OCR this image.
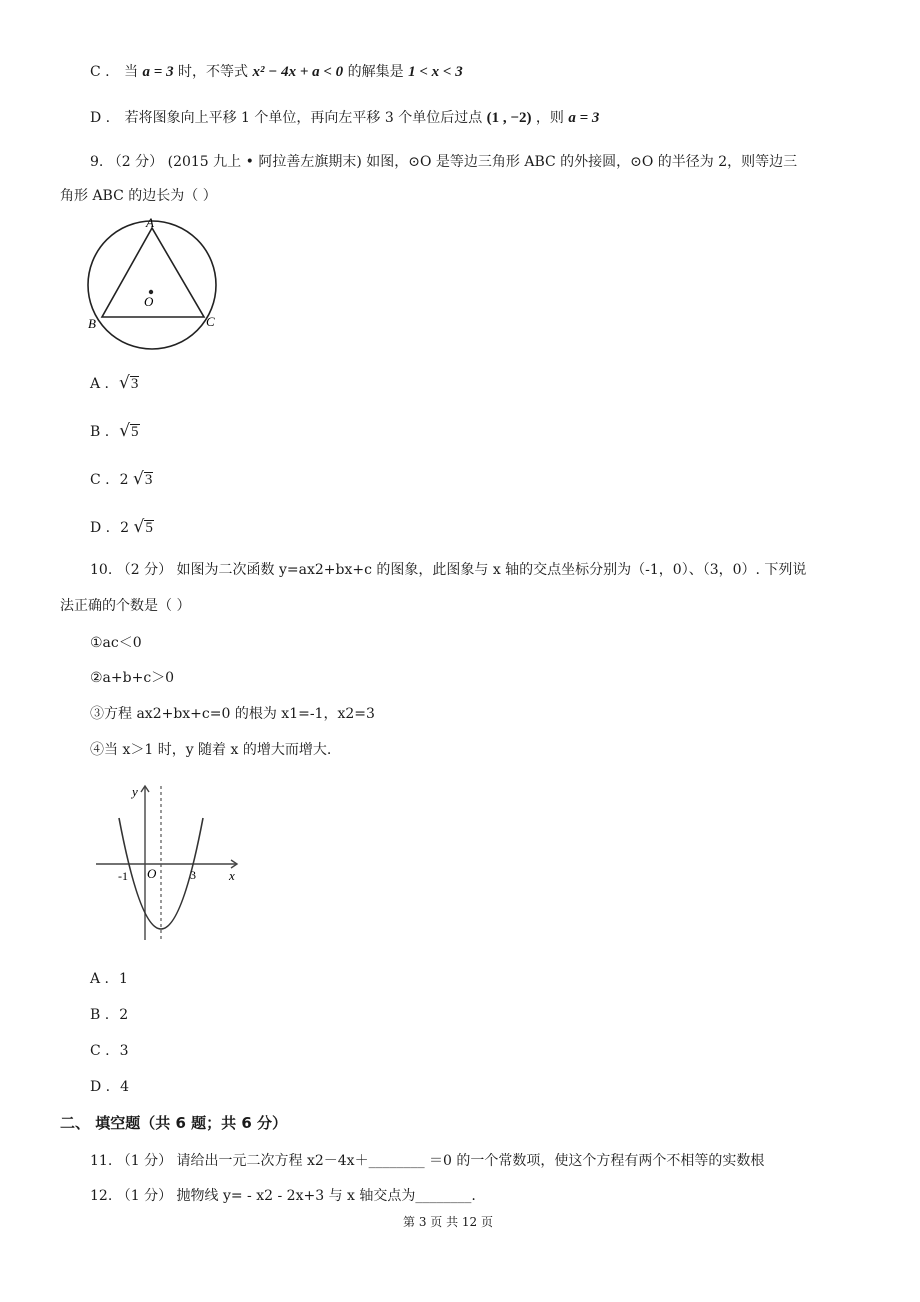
C . 当 a = 3 时，不等式 x² − 4x + a < 0 的解集是 1 < x < 3
D . 若将图象向上平移 1 个单位，再向左平移 3 个单位后过点 (1 , −2) ，则 a = 3
9. （2 分） (2015 九上 • 阿拉善左旗期末) 如图，⊙O 是等边三角形 ABC 的外接圆，⊙O 的半径为 2，则等边三
角形 ABC 的边长为（ ）
A
B	C
O
A . √3
B . √5
C . 2 √3
D . 2 √5
10. （2 分） 如图为二次函数 y=ax2+bx+c 的图象，此图象与 x 轴的交点坐标分别为（-1，0）、（3，0）. 下列说
法正确的个数是（ ）
①ac＜0
②a+b+c＞0
③方程 ax2+bx+c=0 的根为 x1=-1，x2=3
④当 x＞1 时，y 随着 x 的增大而增大.
y
x
O
-1	3
A . 1
B . 2
C . 3
D . 4
二、 填空题（共 6 题；共 6 分）
11. （1 分） 请给出一元二次方程 x2－4x＋________ ＝0 的一个常数项，使这个方程有两个不相等的实数根
12. （1 分） 抛物线 y= - x2 - 2x+3 与 x 轴交点为________.
第 3 页 共 12 页
